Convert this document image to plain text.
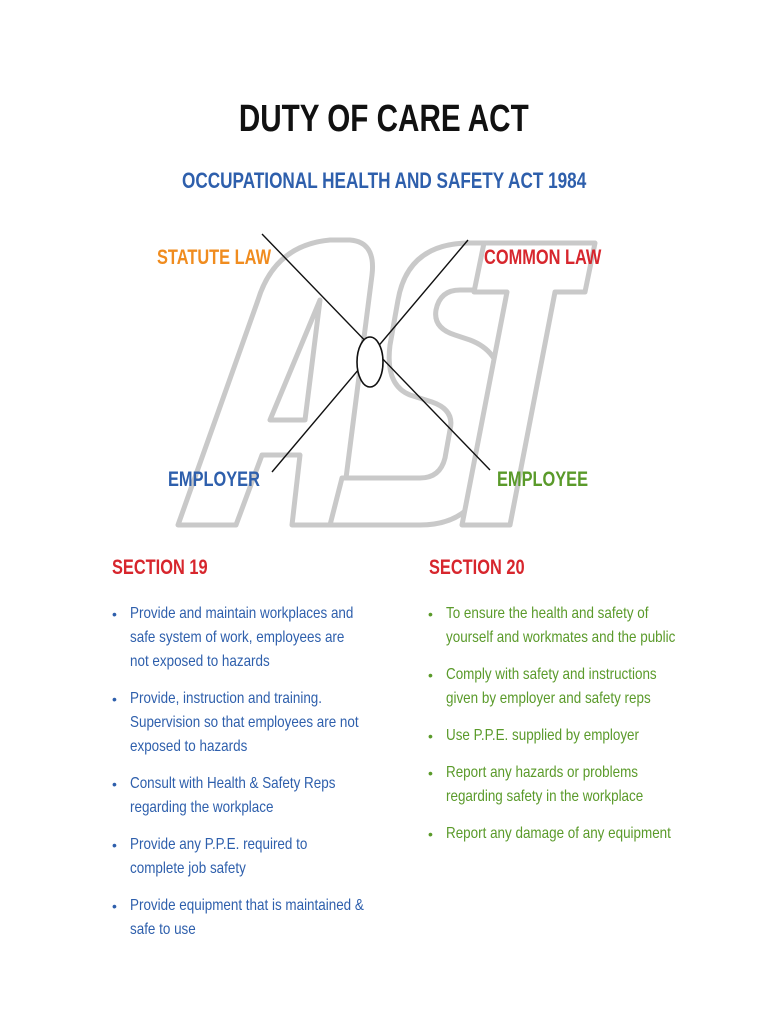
DUTY OF CARE ACT
OCCUPATIONAL HEALTH AND SAFETY ACT 1984
STATUTE LAW	COMMON LAW
EMPLOYER	EMPLOYEE
SECTION 19	SECTION 20
• Provide and maintain workplaces and safe system of work, employees are not exposed to hazards
• Provide, instruction and training. Supervision so that employees are not exposed to hazards
• Consult with Health & Safety Reps regarding the workplace
• Provide any P.P.E. required to complete job safety
• Provide equipment that is maintained & safe to use
• To ensure the health and safety of yourself and workmates and the public
• Comply with safety and instructions given by employer and safety reps
• Use P.P.E. supplied by employer
• Report any hazards or problems regarding safety in the workplace
• Report any damage of any equipment
